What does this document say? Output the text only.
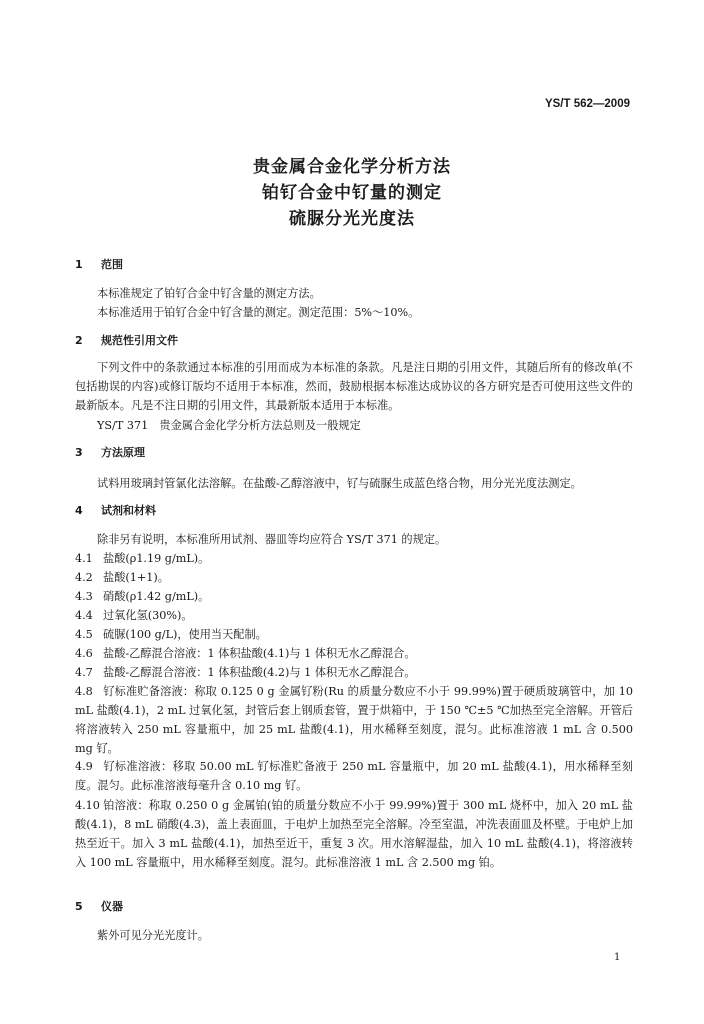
YS/T 562—2009
贵金属合金化学分析方法
铂钌合金中钌量的测定
硫脲分光光度法
1 范围
本标准规定了铂钌合金中钌含量的测定方法。
本标准适用于铂钌合金中钌含量的测定。测定范围：5%～10%。
2 规范性引用文件
下列文件中的条款通过本标准的引用而成为本标准的条款。凡是注日期的引用文件，其随后所有的修改单(不包括勘误的内容)或修订版均不适用于本标准，然而，鼓励根据本标准达成协议的各方研究是否可使用这些文件的最新版本。凡是不注日期的引用文件，其最新版本适用于本标准。
YS/T 371　贵金属合金化学分析方法总则及一般规定
3 方法原理
试料用玻璃封管氯化法溶解。在盐酸-乙醇溶液中，钌与硫脲生成蓝色络合物，用分光光度法测定。
4 试剂和材料
除非另有说明，本标准所用试剂、器皿等均应符合 YS/T 371 的规定。
4.1 盐酸(ρ1.19 g/mL)。
4.2 盐酸(1+1)。
4.3 硝酸(ρ1.42 g/mL)。
4.4 过氧化氢(30%)。
4.5 硫脲(100 g/L)，使用当天配制。
4.6 盐酸-乙醇混合溶液：1 体积盐酸(4.1)与 1 体积无水乙醇混合。
4.7 盐酸-乙醇混合溶液：1 体积盐酸(4.2)与 1 体积无水乙醇混合。
4.8 钌标准贮备溶液：称取 0.125 0 g 金属钌粉(Ru 的质量分数应不小于 99.99%)置于硬质玻璃管中，加 10 mL 盐酸(4.1)，2 mL 过氧化氢，封管后套上钢质套管，置于烘箱中，于 150 ℃±5 ℃加热至完全溶解。开管后将溶液转入 250 mL 容量瓶中，加 25 mL 盐酸(4.1)，用水稀释至刻度，混匀。此标准溶液 1 mL 含 0.500 mg 钌。
4.9 钌标准溶液：移取 50.00 mL 钌标准贮备液于 250 mL 容量瓶中，加 20 mL 盐酸(4.1)，用水稀释至刻度。混匀。此标准溶液每毫升含 0.10 mg 钌。
4.10 铂溶液：称取 0.250 0 g 金属铂(铂的质量分数应不小于 99.99%)置于 300 mL 烧杯中，加入 20 mL 盐酸(4.1)，8 mL 硝酸(4.3)，盖上表面皿，于电炉上加热至完全溶解。冷至室温，冲洗表面皿及杯壁。于电炉上加热至近干。加入 3 mL 盐酸(4.1)，加热至近干，重复 3 次。用水溶解湿盐，加入 10 mL 盐酸(4.1)，将溶液转入 100 mL 容量瓶中，用水稀释至刻度。混匀。此标准溶液 1 mL 含 2.500 mg 铂。
5 仪器
紫外可见分光光度计。
1
